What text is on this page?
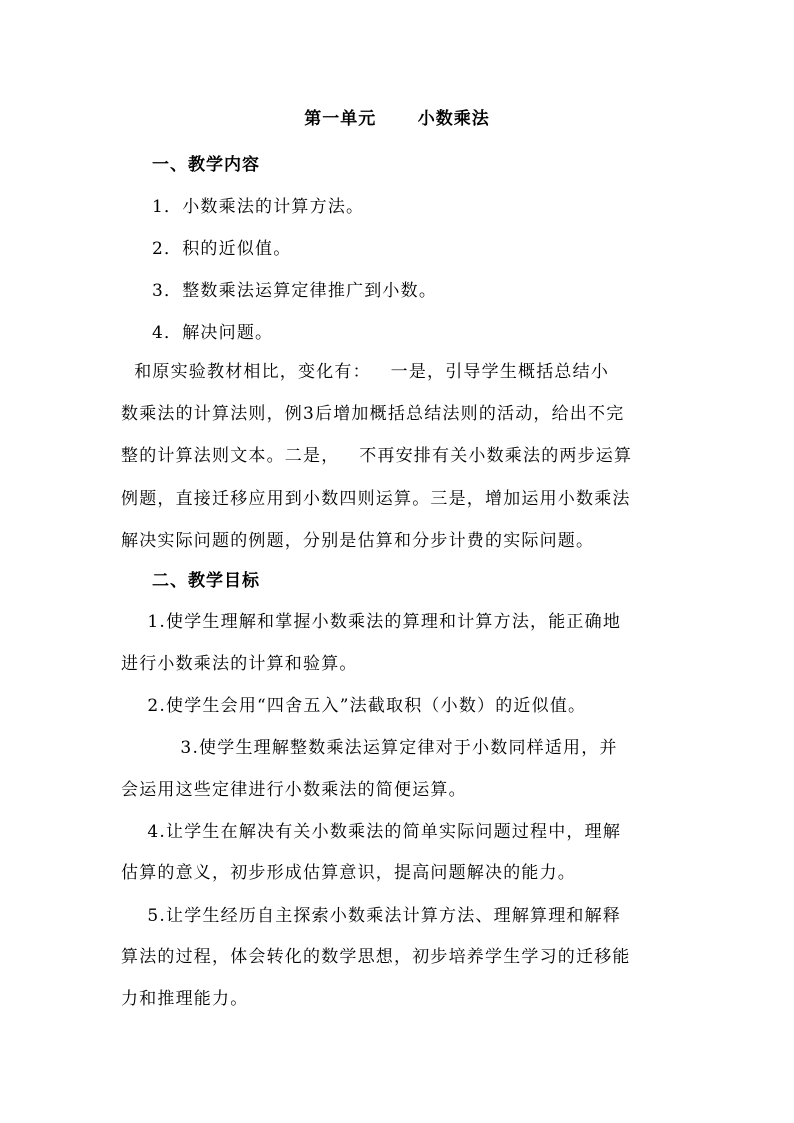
第一单元      小数乘法
一、教学内容
1．小数乘法的计算方法。
2．积的近似值。
3．整数乘法运算定律推广到小数。
4．解决问题。
和原实验教材相比，变化有：   一是，引导学生概括总结小
数乘法的计算法则，例3后增加概括总结法则的活动，给出不完
整的计算法则文本。二是，   不再安排有关小数乘法的两步运算
例题，直接迁移应用到小数四则运算。三是，增加运用小数乘法
解决实际问题的例题，分别是估算和分步计费的实际问题。
二、教学目标
1.使学生理解和掌握小数乘法的算理和计算方法，能正确地
进行小数乘法的计算和验算。
2.使学生会用“四舍五入”法截取积（小数）的近似值。
3.使学生理解整数乘法运算定律对于小数同样适用，并
会运用这些定律进行小数乘法的简便运算。
4.让学生在解决有关小数乘法的简单实际问题过程中，理解
估算的意义，初步形成估算意识，提高问题解决的能力。
5.让学生经历自主探索小数乘法计算方法、理解算理和解释
算法的过程，体会转化的数学思想，初步培养学生学习的迁移能
力和推理能力。
